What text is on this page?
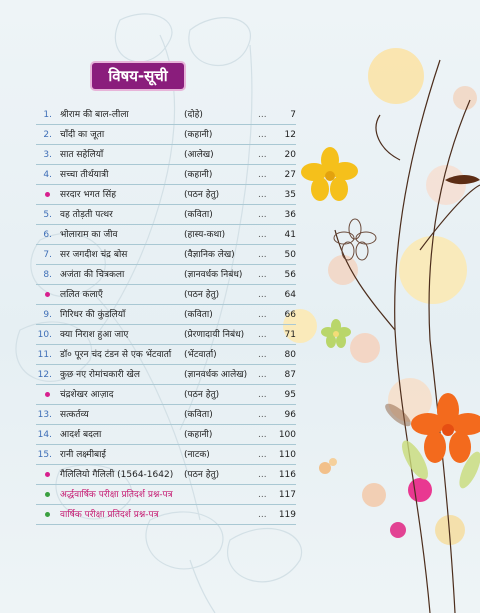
विषय-सूची
1. श्रीराम की बाल-लीला	(दोहे)	...	7
2. चाँदी का जूता	(कहानी)	...	12
3. सात सहेलियाँ	(आलेख)	...	20
4. सच्चा तीर्थयात्री	(कहानी)	...	27
सरदार भगत सिंह	(पठन हेतु)	...	35
5. वह तोड़ती पत्थर	(कविता)	...	36
6. भोलाराम का जीव	(हास्य-कथा)	...	41
7. सर जगदीश चंद्र बोस	(वैज्ञानिक लेख)	...	50
8. अजंता की चित्रकला	(ज्ञानवर्धक निबंध) ...	56
ललित कलाएँ	(पठन हेतु)	...	64
9. गिरिधर की कुंडलियाँ	(कविता)	...	66
10. क्या निराश हुआ जाए	(प्रेरणादायी निबंध) ...	71
11. डॉ० पूरन चंद टंडन से एक भेंटवार्ता (भेंटवार्ता)	...	80
12. कुछ नए रोमांचकारी खेल	(ज्ञानवर्धक आलेख) ...	87
चंद्रशेखर आज़ाद	(पठन हेतु)	...	95
13. सत्कर्तव्य	(कविता)	...	96
14. आदर्श बदला	(कहानी)	...	100
15. रानी लक्ष्मीबाई	(नाटक)	...	110
गैलिलियो गैलिली (1564-1642) (पठन हेतु)	...	116
अर्द्धवार्षिक परीक्षा प्रतिदर्श प्रश्न-पत्र	...	117
वार्षिक परीक्षा प्रतिदर्श प्रश्न-पत्र	...	119
